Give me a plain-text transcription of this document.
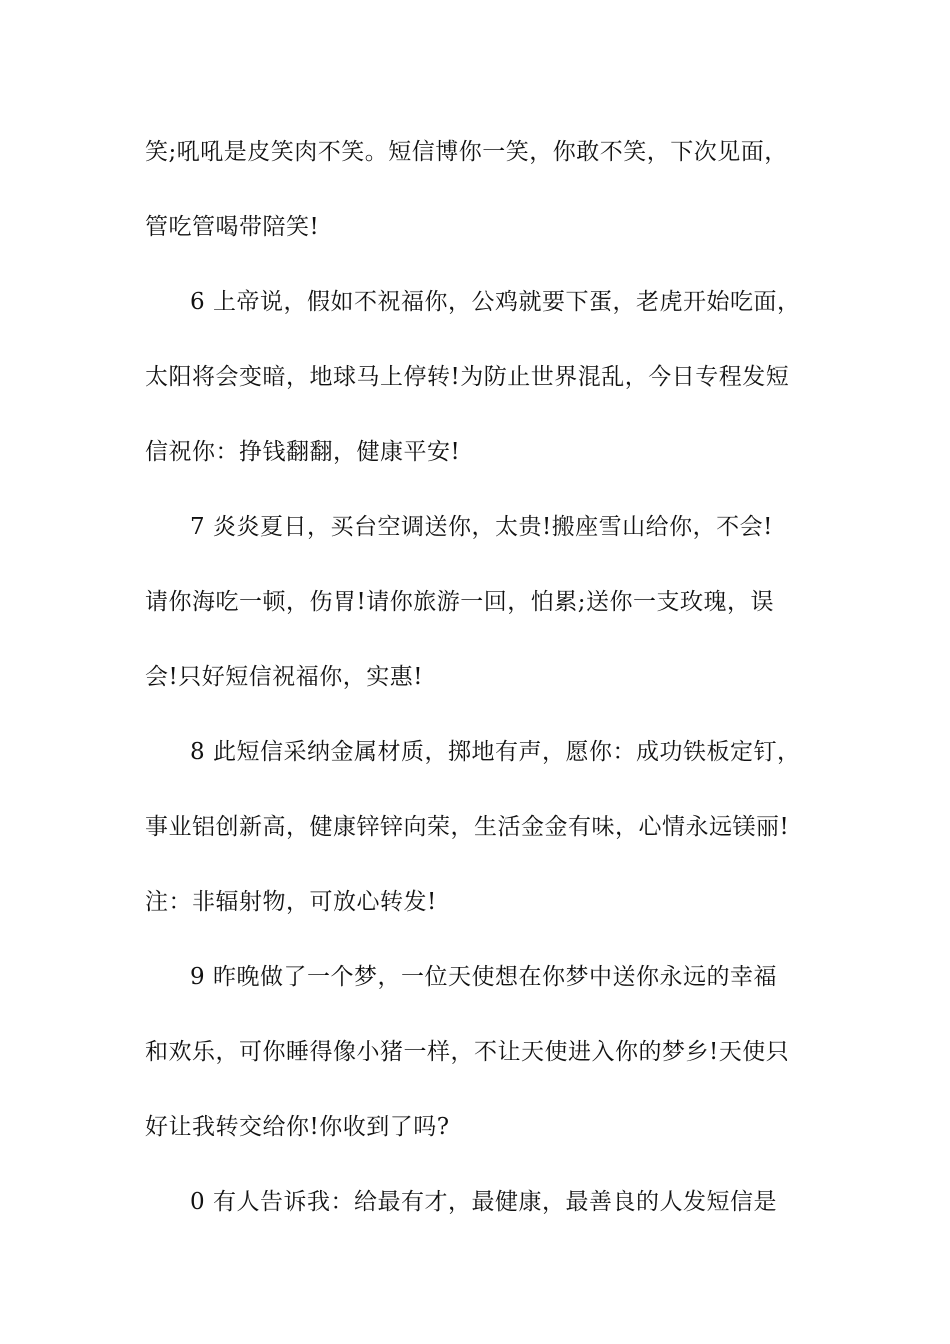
笑;吼吼是皮笑肉不笑。短信博你一笑，你敢不笑，下次见面，
管吃管喝带陪笑!
6 上帝说，假如不祝福你，公鸡就要下蛋，老虎开始吃面，
太阳将会变暗，地球马上停转!为防止世界混乱，今日专程发短
信祝你：挣钱翻翻，健康平安!
7 炎炎夏日，买台空调送你，太贵!搬座雪山给你，不会!
请你海吃一顿，伤胃!请你旅游一回，怕累;送你一支玫瑰，误
会!只好短信祝福你，实惠!
8 此短信采纳金属材质，掷地有声，愿你：成功铁板定钉，
事业铝创新高，健康锌锌向荣，生活金金有味，心情永远镁丽!
注：非辐射物，可放心转发!
9 昨晚做了一个梦，一位天使想在你梦中送你永远的幸福
和欢乐，可你睡得像小猪一样，不让天使进入你的梦乡!天使只
好让我转交给你!你收到了吗?
0 有人告诉我：给最有才，最健康，最善良的人发短信是
